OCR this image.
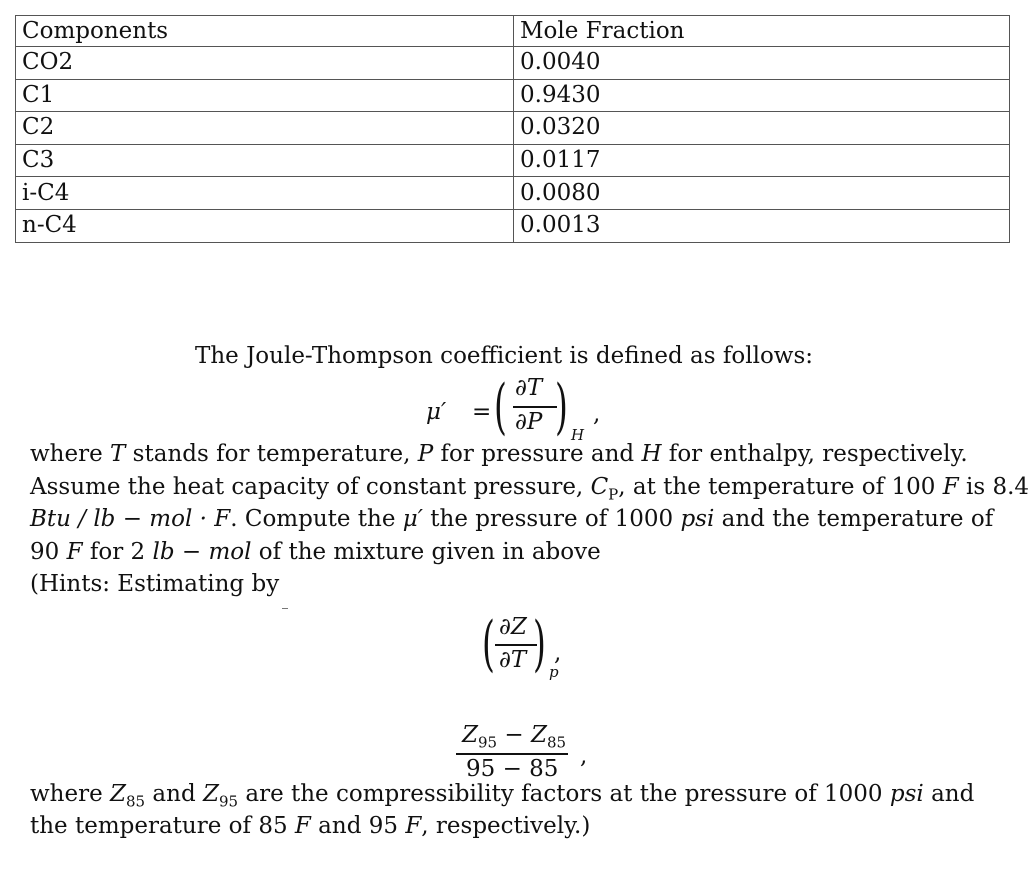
Components	Mole Fraction
CO2	0.0040
C1	0.9430
C2	0.0320
C3	0.0117
i-C4	0.0080
n-C4	0.0013
The Joule-Thompson coefficient is defined as follows:
μ′ = ( ∂T
∂P ) H
,
where T stands for temperature, P for pressure and H for enthalpy, respectively.
Assume the heat capacity of constant pressure, $C_P$, at the temperature of 100 F is 8.4
Btu / lb − mol · F. Compute the μ′ the pressure of 1000 psi and the temperature of
90 F for 2 lb − mol of the mixture given in above
(Hints: Estimating by
( ∂Z
∂T ) p
,
$Z_{95} - Z_{85}$
95 − 85 ,
where $Z_{85}$ and $Z_{95}$ are the compressibility factors at the pressure of 1000 psi and
the temperature of 85 F and 95 F, respectively.)
